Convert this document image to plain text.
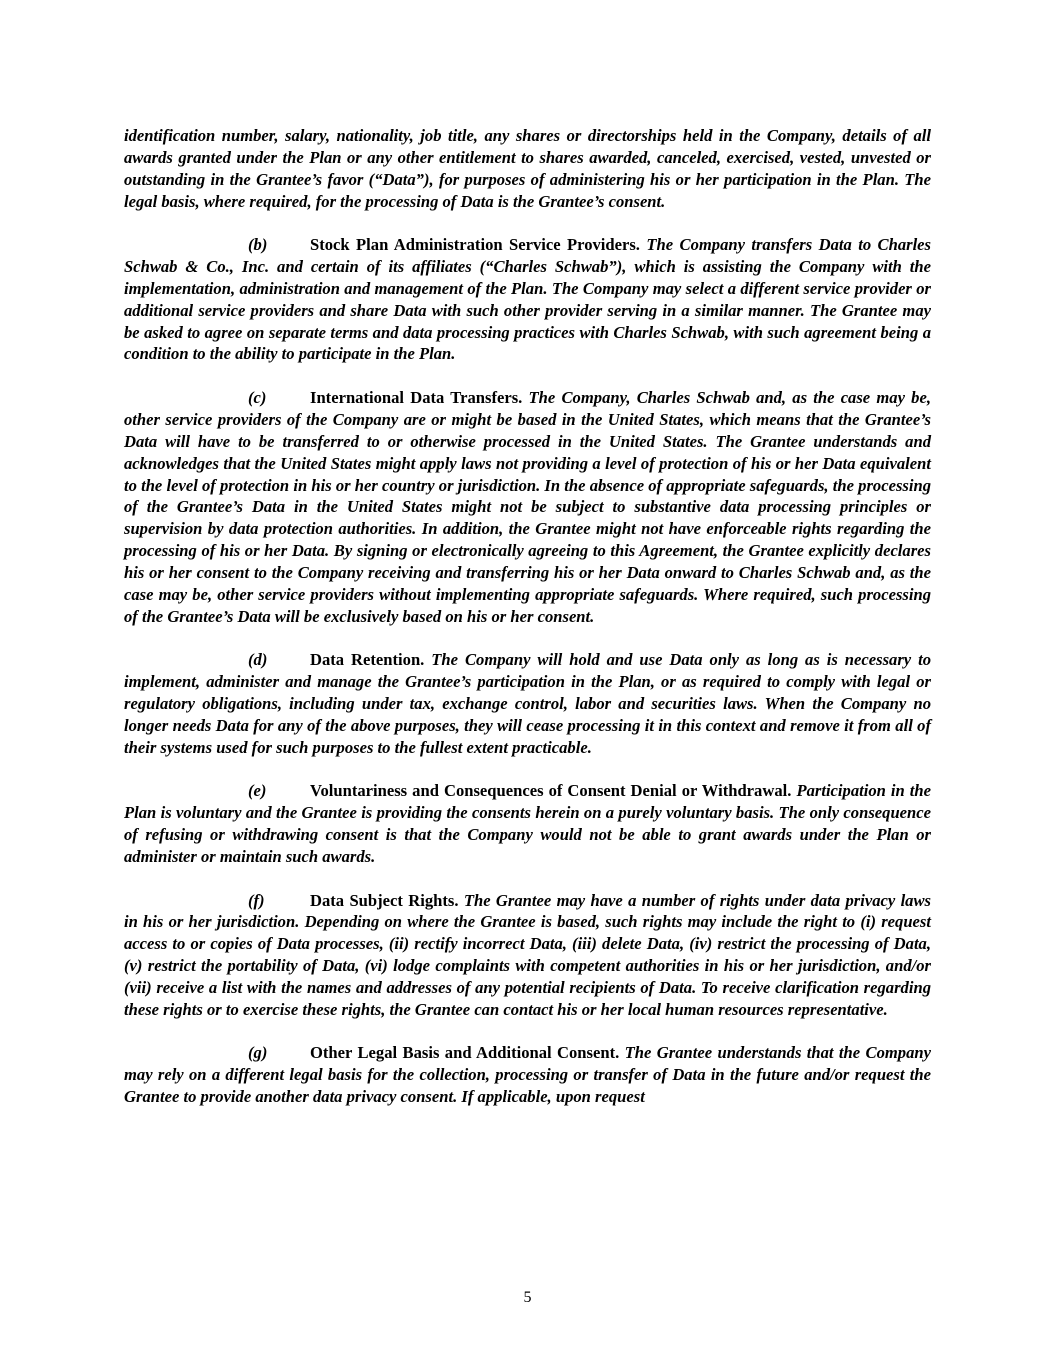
identification number, salary, nationality, job title, any shares or directorships held in the Company, details of all awards granted under the Plan or any other entitlement to shares awarded, canceled, exercised, vested, unvested or outstanding in the Grantee’s favor (“Data”), for purposes of administering his or her participation in the Plan. The legal basis, where required, for the processing of Data is the Grantee’s consent.

(b)	Stock Plan Administration Service Providers. The Company transfers Data to Charles Schwab & Co., Inc. and certain of its affiliates (“Charles Schwab”), which is assisting the Company with the implementation, administration and management of the Plan. The Company may select a different service provider or additional service providers and share Data with such other provider serving in a similar manner. The Grantee may be asked to agree on separate terms and data processing practices with Charles Schwab, with such agreement being a condition to the ability to participate in the Plan.

(c)	International Data Transfers. The Company, Charles Schwab and, as the case may be, other service providers of the Company are or might be based in the United States, which means that the Grantee’s Data will have to be transferred to or otherwise processed in the United States. The Grantee understands and acknowledges that the United States might apply laws not providing a level of protection of his or her Data equivalent to the level of protection in his or her country or jurisdiction. In the absence of appropriate safeguards, the processing of the Grantee’s Data in the United States might not be subject to substantive data processing principles or supervision by data protection authorities. In addition, the Grantee might not have enforceable rights regarding the processing of his or her Data. By signing or electronically agreeing to this Agreement, the Grantee explicitly declares his or her consent to the Company receiving and transferring his or her Data onward to Charles Schwab and, as the case may be, other service providers without implementing appropriate safeguards. Where required, such processing of the Grantee’s Data will be exclusively based on his or her consent.

(d)	Data Retention. The Company will hold and use Data only as long as is necessary to implement, administer and manage the Grantee’s participation in the Plan, or as required to comply with legal or regulatory obligations, including under tax, exchange control, labor and securities laws. When the Company no longer needs Data for any of the above purposes, they will cease processing it in this context and remove it from all of their systems used for such purposes to the fullest extent practicable.

(e)	Voluntariness and Consequences of Consent Denial or Withdrawal. Participation in the Plan is voluntary and the Grantee is providing the consents herein on a purely voluntary basis. The only consequence of refusing or withdrawing consent is that the Company would not be able to grant awards under the Plan or administer or maintain such awards.

(f)	Data Subject Rights. The Grantee may have a number of rights under data privacy laws in his or her jurisdiction. Depending on where the Grantee is based, such rights may include the right to (i) request access to or copies of Data processes, (ii) rectify incorrect Data, (iii) delete Data, (iv) restrict the processing of Data, (v) restrict the portability of Data, (vi) lodge complaints with competent authorities in his or her jurisdiction, and/or (vii) receive a list with the names and addresses of any potential recipients of Data. To receive clarification regarding these rights or to exercise these rights, the Grantee can contact his or her local human resources representative.

(g)	Other Legal Basis and Additional Consent. The Grantee understands that the Company may rely on a different legal basis for the collection, processing or transfer of Data in the future and/or request the Grantee to provide another data privacy consent. If applicable, upon request

5
